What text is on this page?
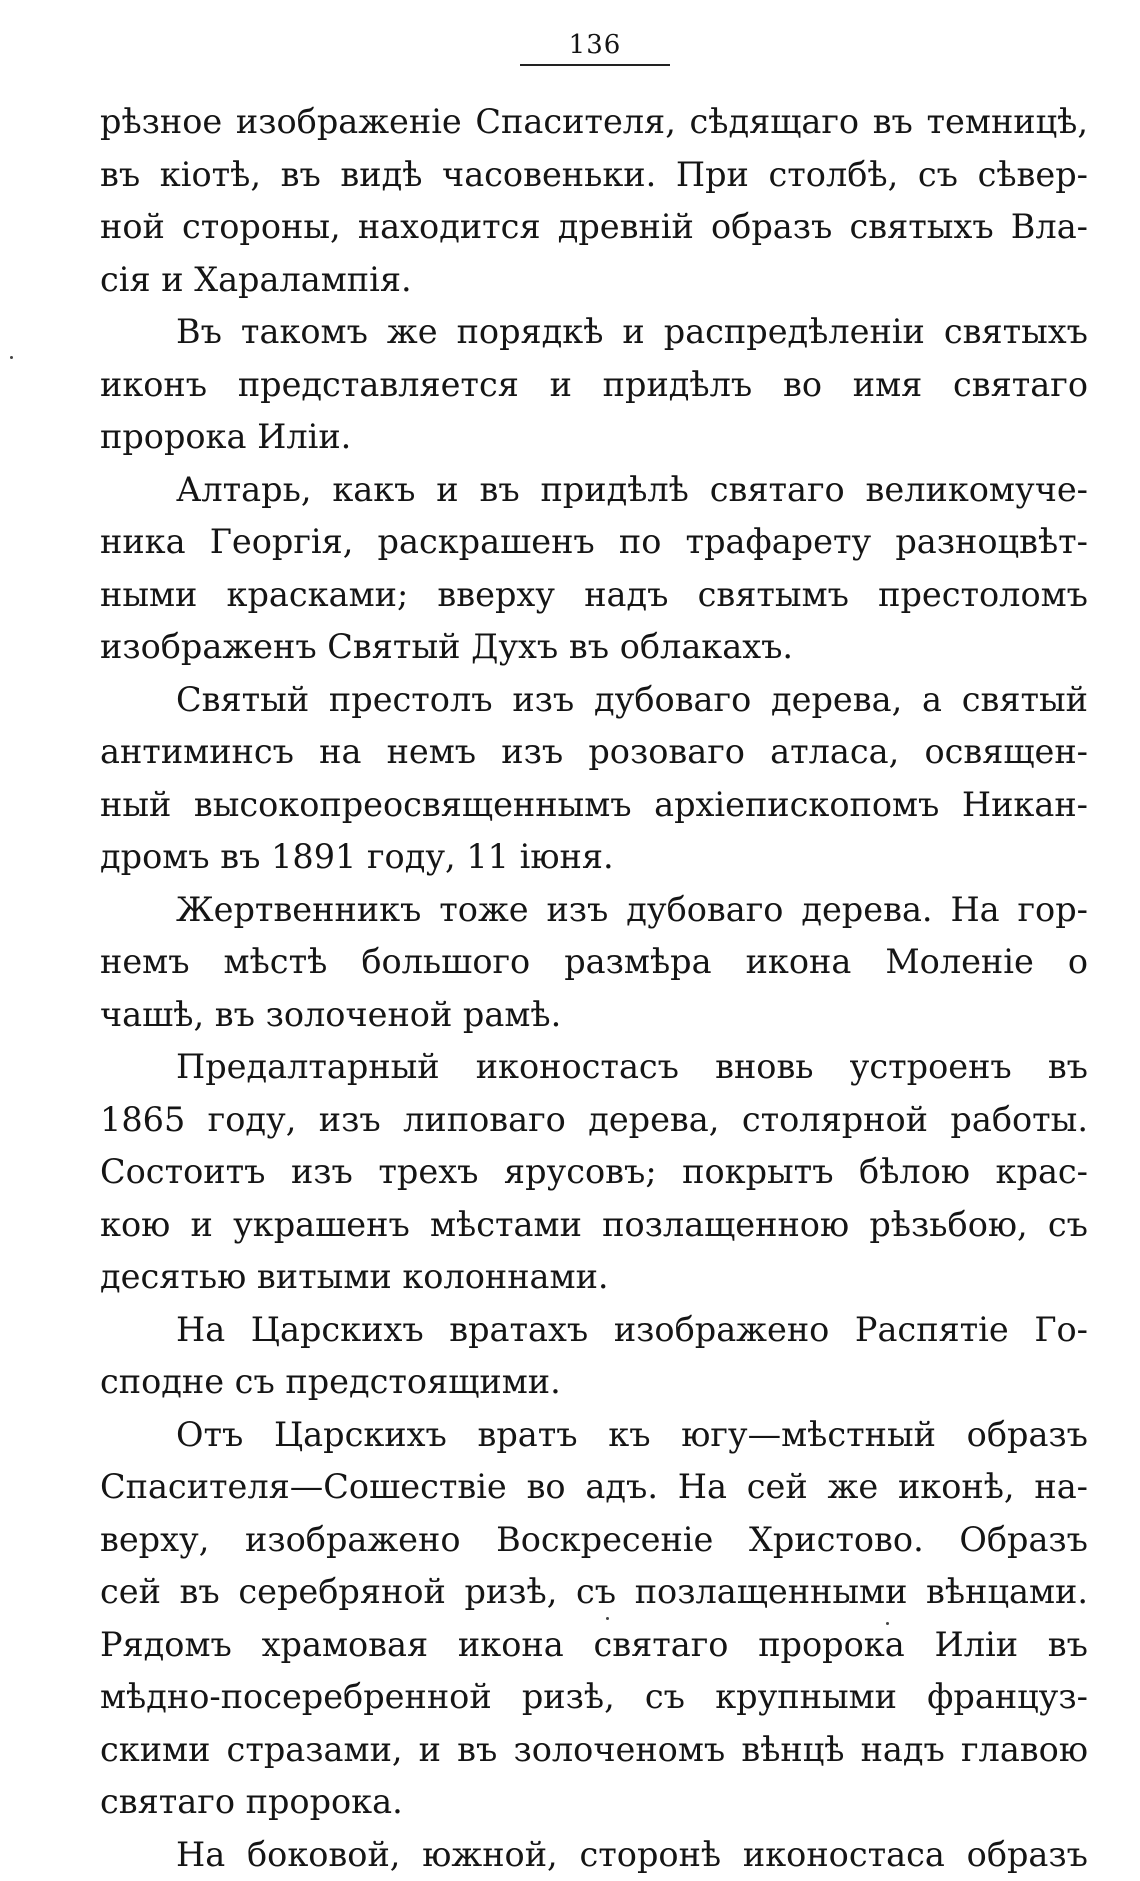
136
рѣзное изображеніе Спасителя, сѣдящаго въ темницѣ,
въ кіотѣ, въ видѣ часовеньки. При столбѣ, съ сѣвер-
ной стороны, находится древній образъ святыхъ Вла-
сія и Харалампія.
Въ такомъ же порядкѣ и распредѣленіи святыхъ
иконъ представляется и придѣлъ во имя святаго
пророка Иліи.
Алтарь, какъ и въ придѣлѣ святаго великомуче-
ника Георгія, раскрашенъ по трафарету разноцвѣт-
ными красками; вверху надъ святымъ престоломъ
изображенъ Святый Духъ въ облакахъ.
Святый престолъ изъ дубоваго дерева, а святый
антиминсъ на немъ изъ розоваго атласа, освящен-
ный высокопреосвященнымъ архіепископомъ Никан-
дромъ въ 1891 году, 11 іюня.
Жертвенникъ тоже изъ дубоваго дерева. На гор-
немъ мѣстѣ большого размѣра икона Моленіе о
чашѣ, въ золоченой рамѣ.
Предалтарный иконостасъ вновь устроенъ въ
1865 году, изъ липоваго дерева, столярной работы.
Состоитъ изъ трехъ ярусовъ; покрытъ бѣлою крас-
кою и украшенъ мѣстами позлащенною рѣзьбою, съ
десятью витыми колоннами.
На Царскихъ вратахъ изображено Распятіе Го-
сподне съ предстоящими.
Отъ Царскихъ вратъ къ югу—мѣстный образъ
Спасителя—Сошествіе во адъ. На сей же иконѣ, на-
верху, изображено Воскресеніе Христово. Образъ
сей въ серебряной ризѣ, съ позлащенными вѣнцами.
Рядомъ храмовая икона святаго пророка Иліи въ
мѣдно-посеребренной ризѣ, съ крупными француз-
скими стразами, и въ золоченомъ вѣнцѣ надъ главою
святаго пророка.
На боковой, южной, сторонѣ иконостаса образъ
